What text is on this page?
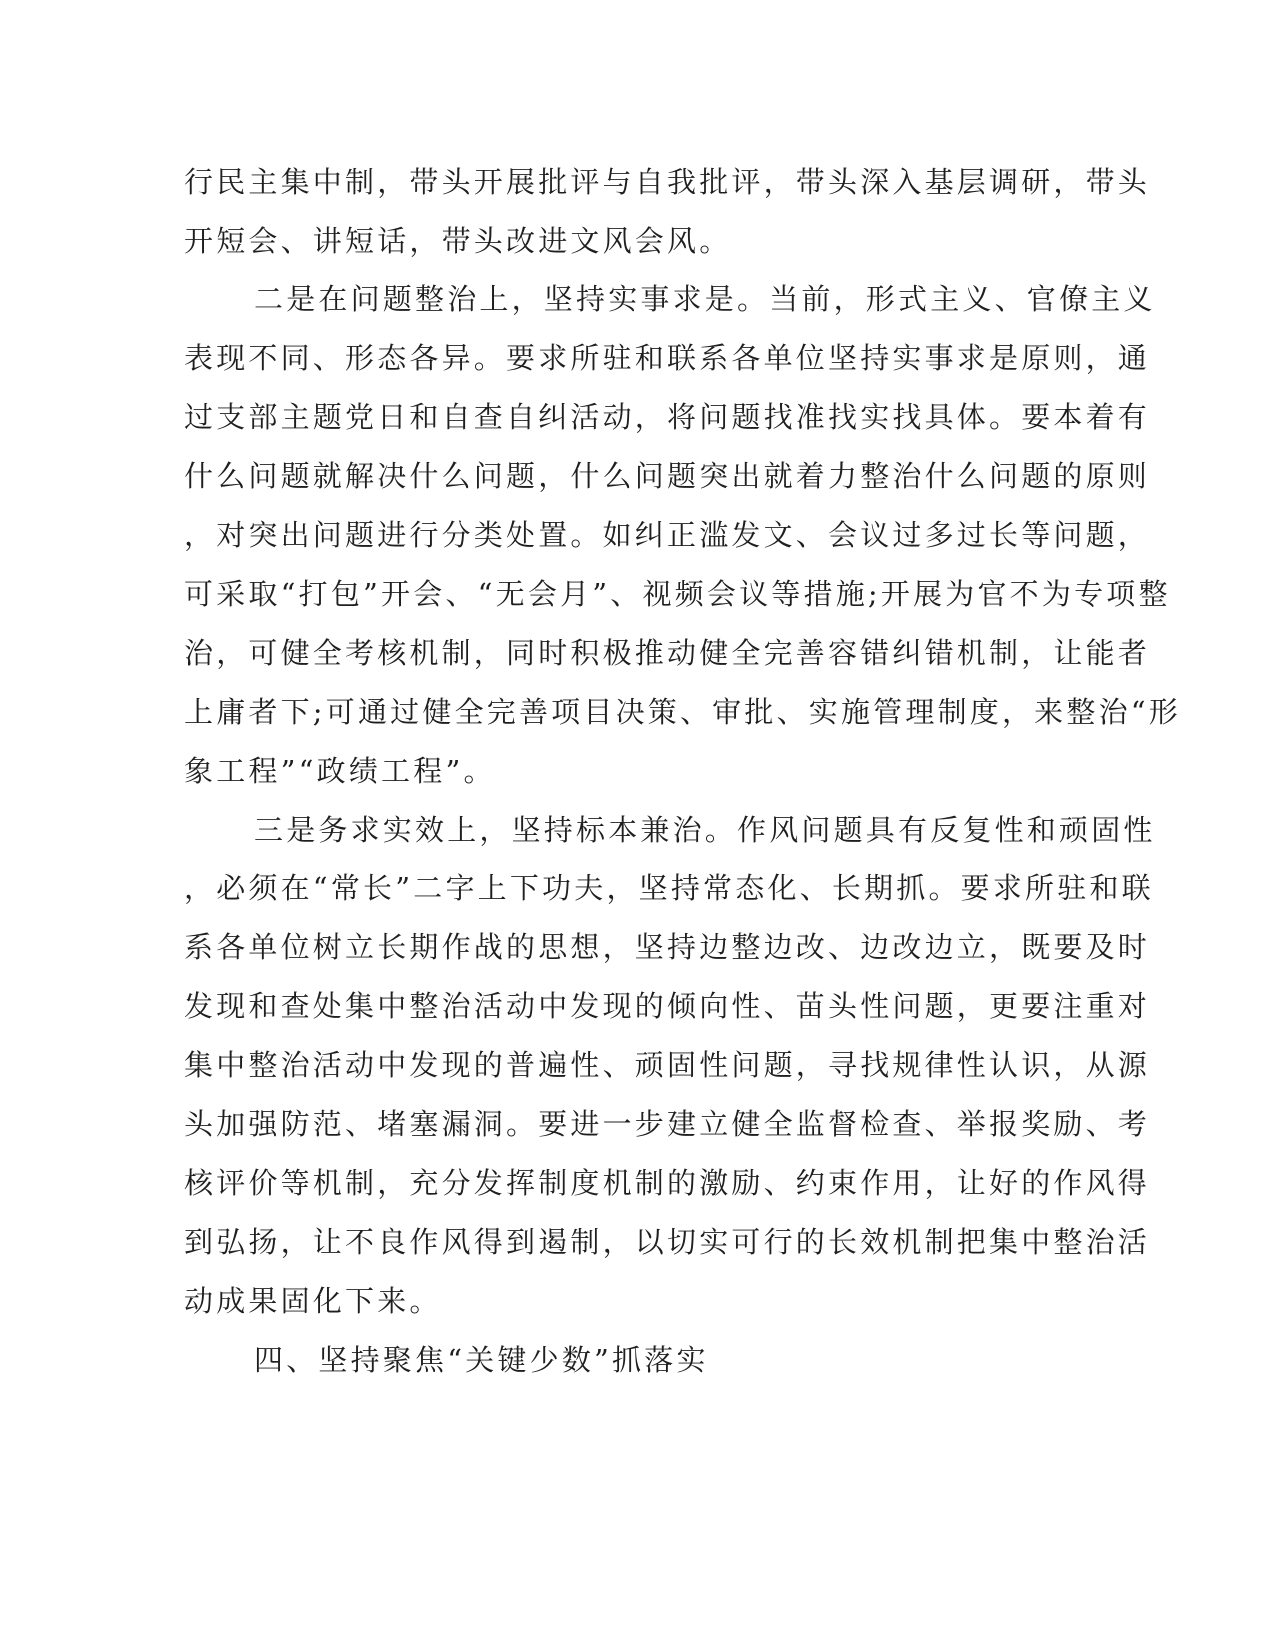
行民主集中制，带头开展批评与自我批评，带头深入基层调研，带头
开短会、讲短话，带头改进文风会风。
二是在问题整治上，坚持实事求是。当前，形式主义、官僚主义
表现不同、形态各异。要求所驻和联系各单位坚持实事求是原则，通
过支部主题党日和自查自纠活动，将问题找准找实找具体。要本着有
什么问题就解决什么问题，什么问题突出就着力整治什么问题的原则
，对突出问题进行分类处置。如纠正滥发文、会议过多过长等问题，
可采取“打包”开会、“无会月”、视频会议等措施;开展为官不为专项整
治，可健全考核机制，同时积极推动健全完善容错纠错机制，让能者
上庸者下;可通过健全完善项目决策、审批、实施管理制度，来整治“形
象工程”“政绩工程”。
三是务求实效上，坚持标本兼治。作风问题具有反复性和顽固性
，必须在“常长”二字上下功夫，坚持常态化、长期抓。要求所驻和联
系各单位树立长期作战的思想，坚持边整边改、边改边立，既要及时
发现和查处集中整治活动中发现的倾向性、苗头性问题，更要注重对
集中整治活动中发现的普遍性、顽固性问题，寻找规律性认识，从源
头加强防范、堵塞漏洞。要进一步建立健全监督检查、举报奖励、考
核评价等机制，充分发挥制度机制的激励、约束作用，让好的作风得
到弘扬，让不良作风得到遏制，以切实可行的长效机制把集中整治活
动成果固化下来。
四、坚持聚焦“关键少数”抓落实
